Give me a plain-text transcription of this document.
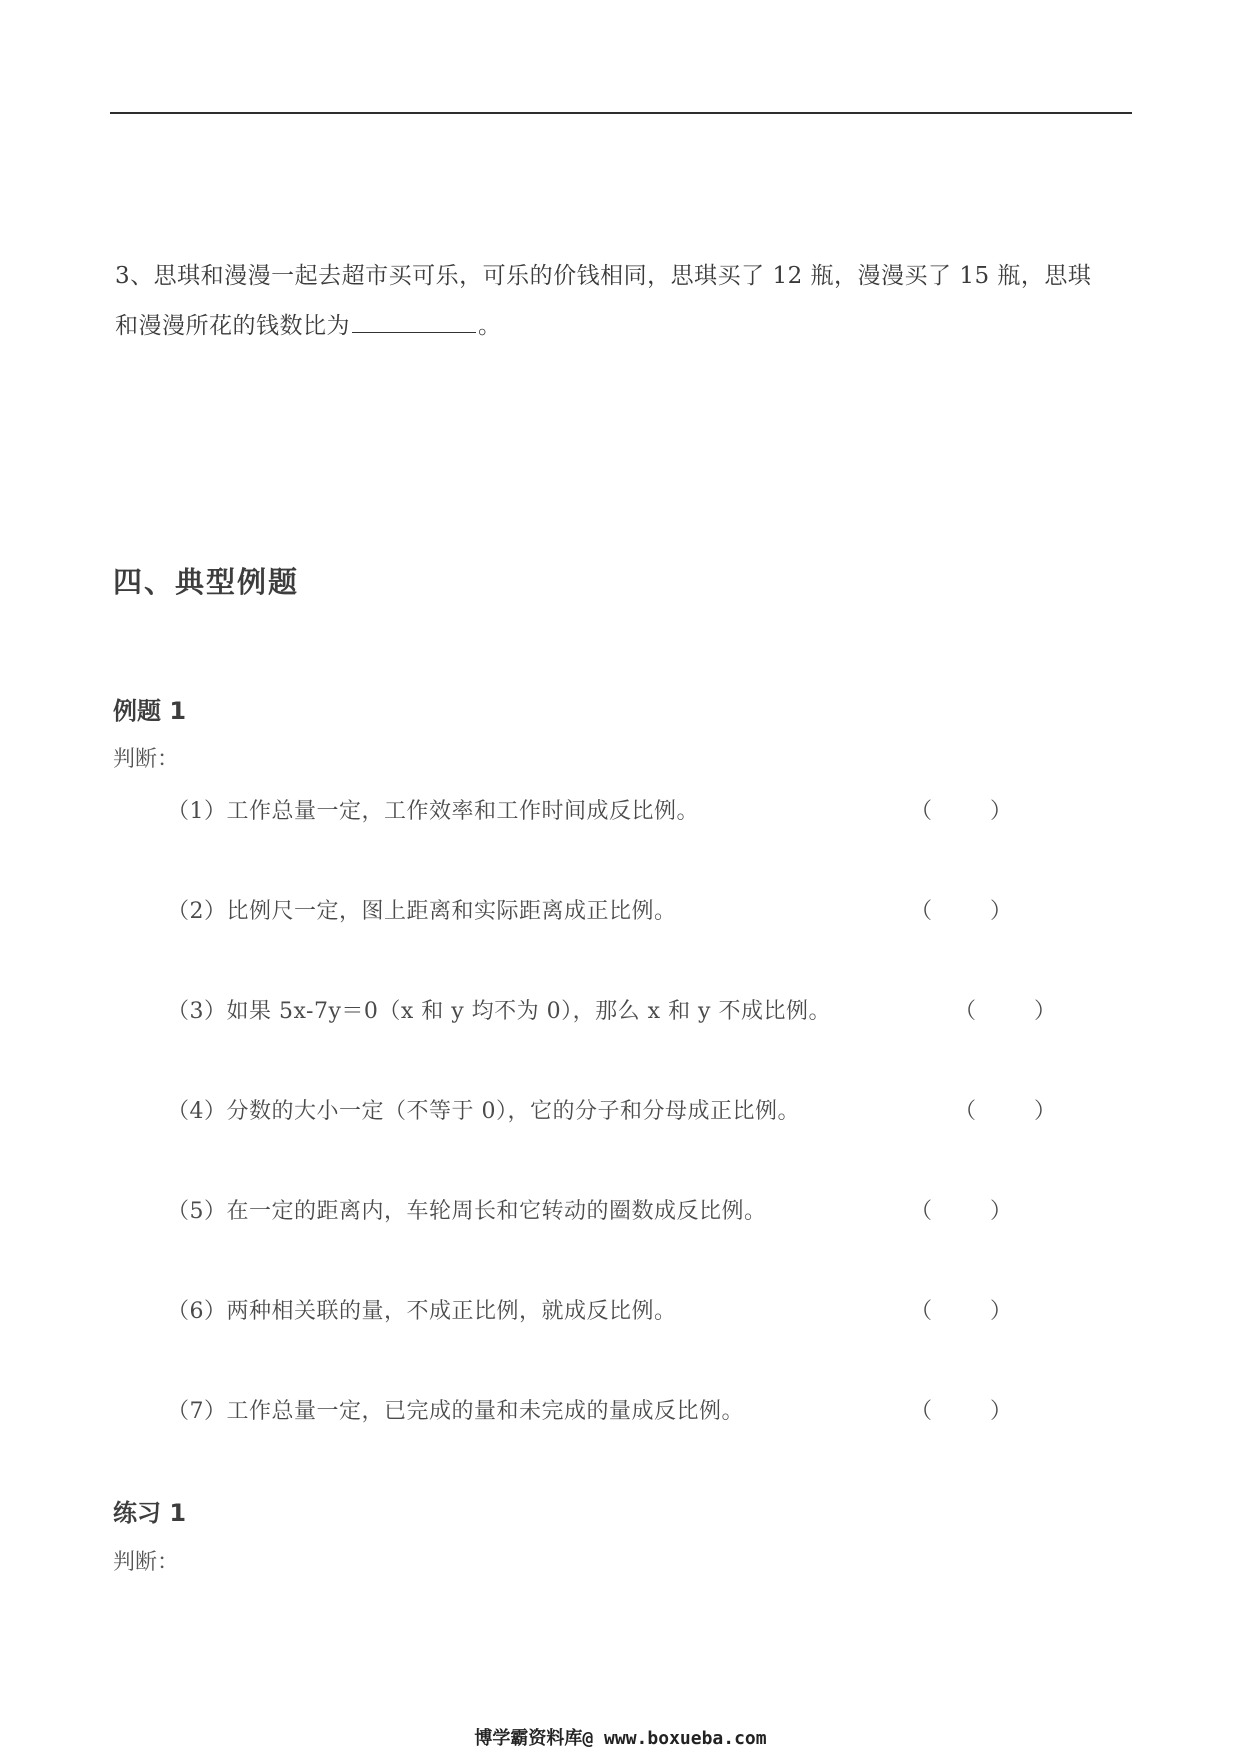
3、思琪和漫漫一起去超市买可乐，可乐的价钱相同，思琪买了 12 瓶，漫漫买了 15 瓶，思琪
和漫漫所花的钱数比为	。
四、典型例题
例题 1
判断：
（1）工作总量一定，工作效率和工作时间成反比例。	（	）
（2）比例尺一定，图上距离和实际距离成正比例。	（	）
（3）如果 5x-7y＝0（x 和 y 均不为 0），那么 x 和 y 不成比例。	（	）
（4）分数的大小一定（不等于 0），它的分子和分母成正比例。	（	）
（5）在一定的距离内，车轮周长和它转动的圈数成反比例。	（	）
（6）两种相关联的量，不成正比例，就成反比例。	（	）
（7）工作总量一定，已完成的量和未完成的量成反比例。	（	）
练习 1
判断：
博学霸资料库@ www.boxueba.com
